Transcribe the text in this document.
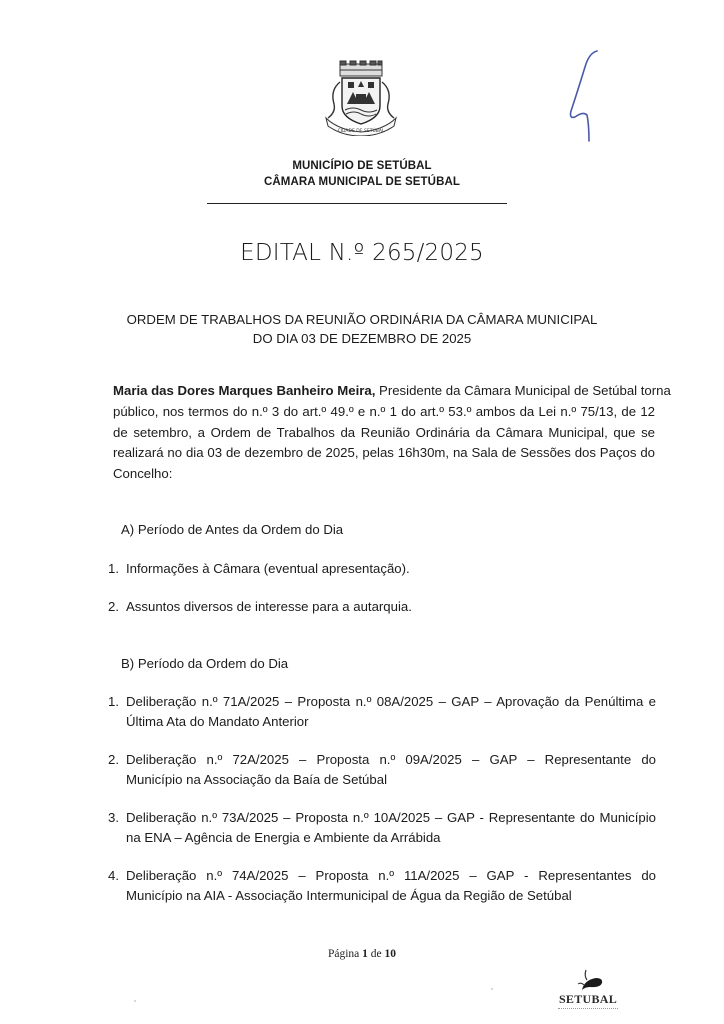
CIDADE DE SETÚBAL
MUNICÍPIO DE SETÚBAL
CÂMARA MUNICIPAL DE SETÚBAL
EDITAL N.º 265/2025
ORDEM DE TRABALHOS DA REUNIÃO ORDINÁRIA DA CÂMARA MUNICIPAL
DO DIA 03 DE DEZEMBRO DE 2025
Maria das Dores Marques Banheiro Meira, Presidente da Câmara Municipal de Setúbal torna
público, nos termos do n.º 3 do art.º 49.º e n.º 1 do art.º 53.º ambos da Lei n.º 75/13, de 12
de setembro, a Ordem de Trabalhos da Reunião Ordinária da Câmara Municipal, que se
realizará no dia 03 de dezembro de 2025, pelas 16h30m, na Sala de Sessões dos Paços do
Concelho:
A) Período de Antes da Ordem do Dia
1. Informações à Câmara (eventual apresentação).
2. Assuntos diversos de interesse para a autarquia.
B) Período da Ordem do Dia
1. Deliberação n.º 71A/2025 – Proposta n.º 08A/2025 – GAP – Aprovação da Penúltima e
Última Ata do Mandato Anterior
2. Deliberação n.º 72A/2025 – Proposta n.º 09A/2025 – GAP – Representante do
Município na Associação da Baía de Setúbal
3. Deliberação n.º 73A/2025 – Proposta n.º 10A/2025 – GAP - Representante do Município
na ENA – Agência de Energia e Ambiente da Arrábida
4. Deliberação n.º 74A/2025 – Proposta n.º 11A/2025 – GAP - Representantes do
Município na AIA - Associação Intermunicipal de Água da Região de Setúbal
Página 1 de 10
SETUBAL
